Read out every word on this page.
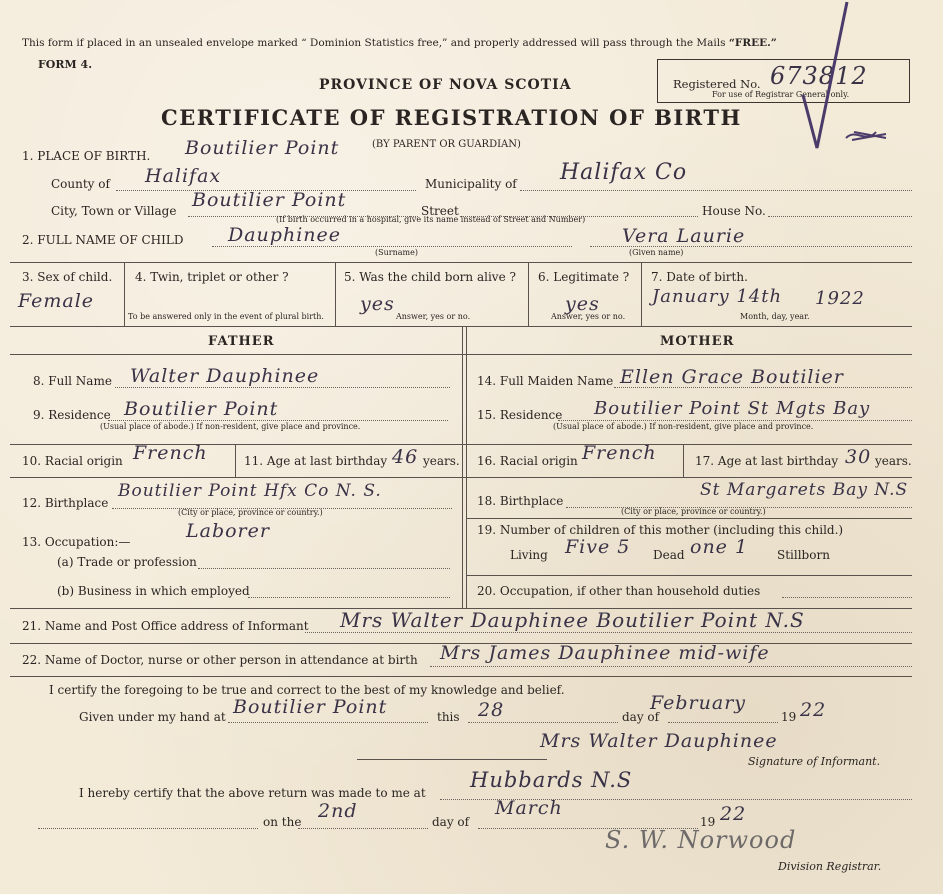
This form if placed in an unsealed envelope marked “ Dominion Statistics free,” and properly addressed will pass through the Mails “FREE.”
FORM 4.
Registered No. 673812
For use of Registrar General only.
PROVINCE OF NOVA SCOTIA
CERTIFICATE OF REGISTRATION OF BIRTH
1. PLACE OF BIRTH. Boutilier Point	(BY PARENT OR GUARDIAN)
County of Halifax	Municipality of Halifax Co
City, Town or Village Boutilier Point	Street	House No.
(If birth occurred in a hospital, give its name instead of Street and Number)
2. FULL NAME OF CHILD Dauphinee	Vera Laurie
(Surname)	(Given name)
3. Sex of child.
Female
4. Twin, triplet or other ?
To be answered only in the event of plural birth.
5. Was the child born alive ?
yes
Answer, yes or no.
6. Legitimate ?
yes
Answer, yes or no.
7. Date of birth.
January 14th 1922
Month, day, year.
FATHER	MOTHER
8. Full Name Walter Dauphinee
9. Residence Boutilier Point
(Usual place of abode.) If non-resident, give place and province.
10. Racial origin French	11. Age at last birthday 46 years.
12. Birthplace
Boutilier Point Hfx Co N. S.
(City or place, province or country.)
13. Occupation:—	Laborer
(a) Trade or profession
(b) Business in which employed
14. Full Maiden Name Ellen Grace Boutilier
15. Residence Boutilier Point St Mgts Bay
(Usual place of abode.) If non-resident, give place and province.
16. Racial origin French	17. Age at last birthday 30 years.
18. Birthplace
St Margarets Bay N.S
(City or place, province or country.)
19. Number of children of this mother (including this child.)
Living Five 5 Dead one 1 Stillborn
20. Occupation, if other than household duties
21. Name and Post Office address of Informant Mrs Walter Dauphinee Boutilier Point N.S
22. Name of Doctor, nurse or other person in attendance at birth Mrs James Dauphinee mid-wife
I certify the foregoing to be true and correct to the best of my knowledge and belief.
Given under my hand at Boutilier Point	this 28	day of
February
19 22
Mrs Walter Dauphinee
Signature of Informant.
I hereby certify that the above return was made to me at
Hubbards N.S
on the 2nd	day of
March
19 22
S. W. Norwood
Division Registrar.
